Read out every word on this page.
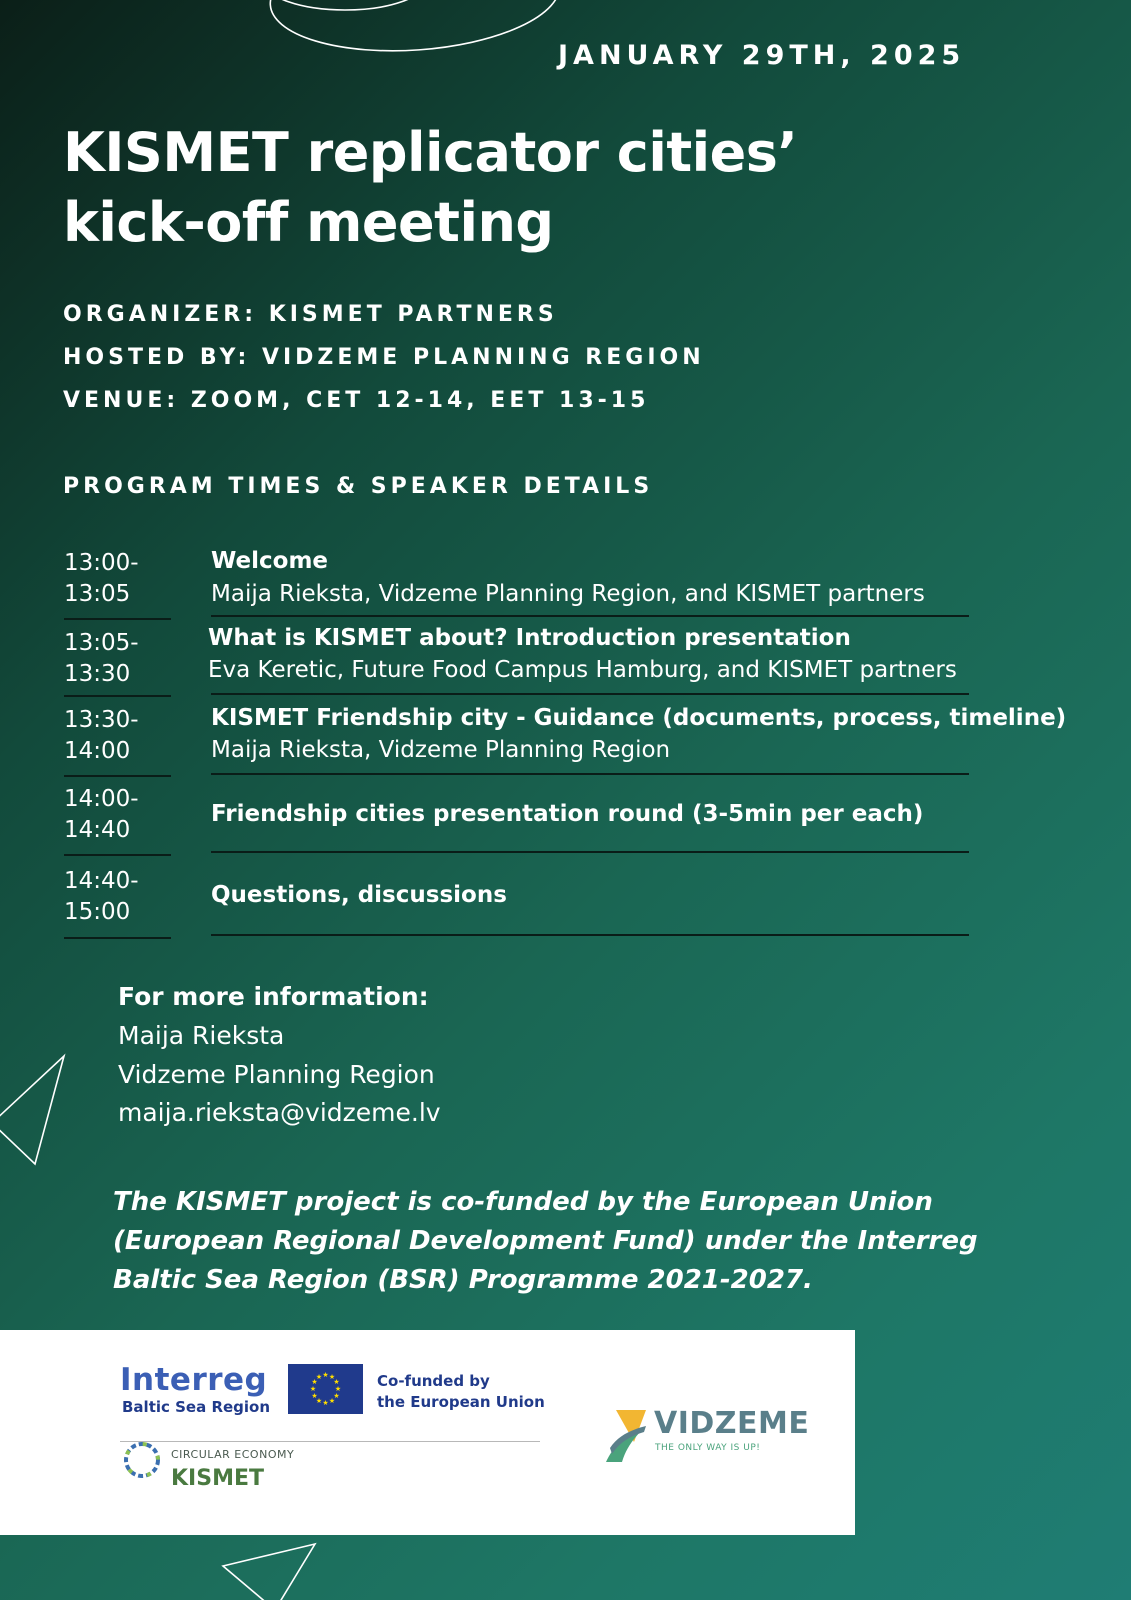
JANUARY 29TH, 2025
KISMET replicator cities’
kick-off meeting
ORGANIZER: KISMET PARTNERS
HOSTED BY: VIDZEME PLANNING REGION
VENUE: ZOOM, CET 12-14, EET 13-15
PROGRAM TIMES & SPEAKER DETAILS
13:00-
13:05
Welcome
Maija Rieksta, Vidzeme Planning Region, and KISMET partners
13:05-
13:30
What is KISMET about? Introduction presentation
Eva Keretic, Future Food Campus Hamburg, and KISMET partners
13:30-
14:00
KISMET Friendship city - Guidance (documents, process, timeline)
Maija Rieksta, Vidzeme Planning Region
14:00-
14:40
Friendship cities presentation round (3-5min per each)
14:40-
15:00
Questions, discussions
For more information:
Maija Rieksta
Vidzeme Planning Region
maija.rieksta@vidzeme.lv

The KISMET project is co-funded by the European Union (European Regional Development Fund) under the Interreg Baltic Sea Region (BSR) Programme 2021-2027.

Interreg
Baltic Sea Region
★ ★
★
★
★
★
★
★
★
★
★
★	Co-funded by
the European Union
CIRCULAR ECONOMY
KISMET
VIDZEME
THE ONLY WAY IS UP!
